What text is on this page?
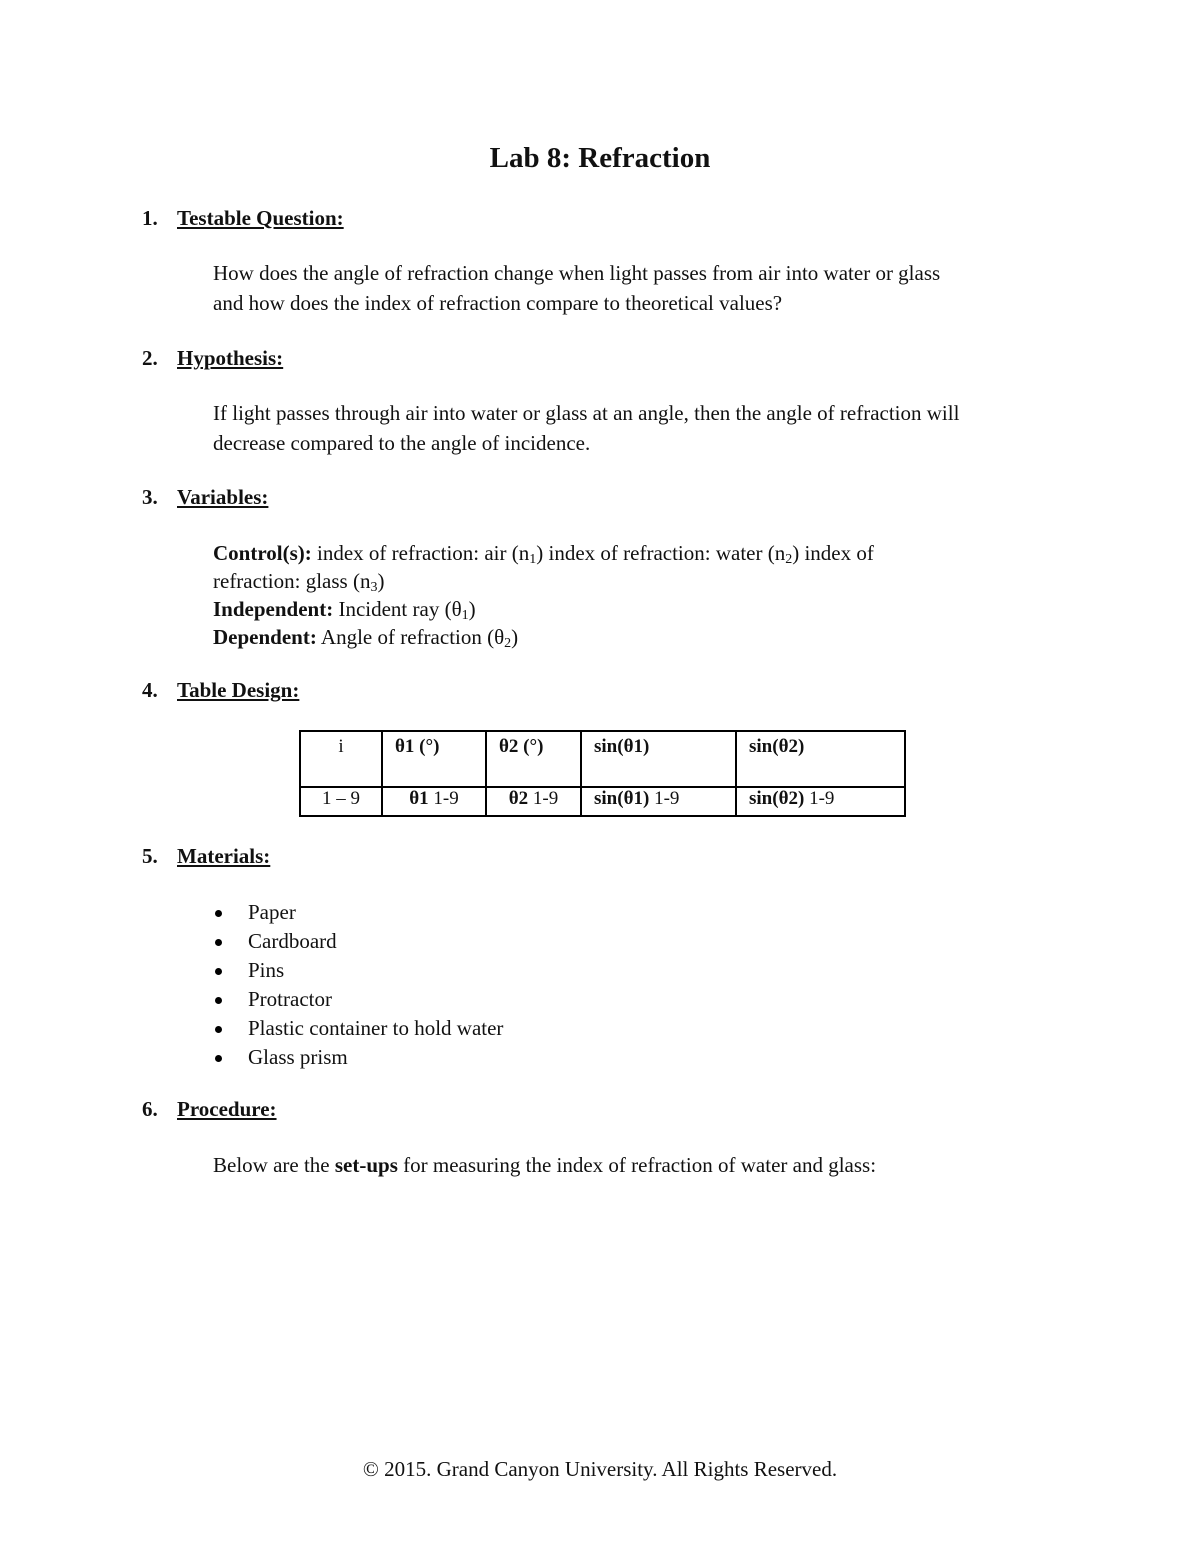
Lab 8: Refraction
1. Testable Question:
How does the angle of refraction change when light passes from air into water or glass
and how does the index of refraction compare to theoretical values?
2. Hypothesis:
If light passes through air into water or glass at an angle, then the angle of refraction will
decrease compared to the angle of incidence.
3. Variables:
Control(s): index of refraction: air $(n_1)$ index of refraction: water $(n_2)$ index of
refraction: glass $(n_3)$
Independent: Incident ray $(\theta_1)$
Dependent: Angle of refraction $(\theta_2)$
4. Table Design:
i	θ1 (°)	θ2 (°)	sin(θ1)	sin(θ2)
1 – 9	θ1 1-9	θ2 1-9	sin(θ1) 1-9	sin(θ2) 1-9
5. Materials:
Paper
Cardboard
Pins
Protractor
Plastic container to hold water
Glass prism
6. Procedure:
Below are the set-ups for measuring the index of refraction of water and glass:
© 2015. Grand Canyon University. All Rights Reserved.
